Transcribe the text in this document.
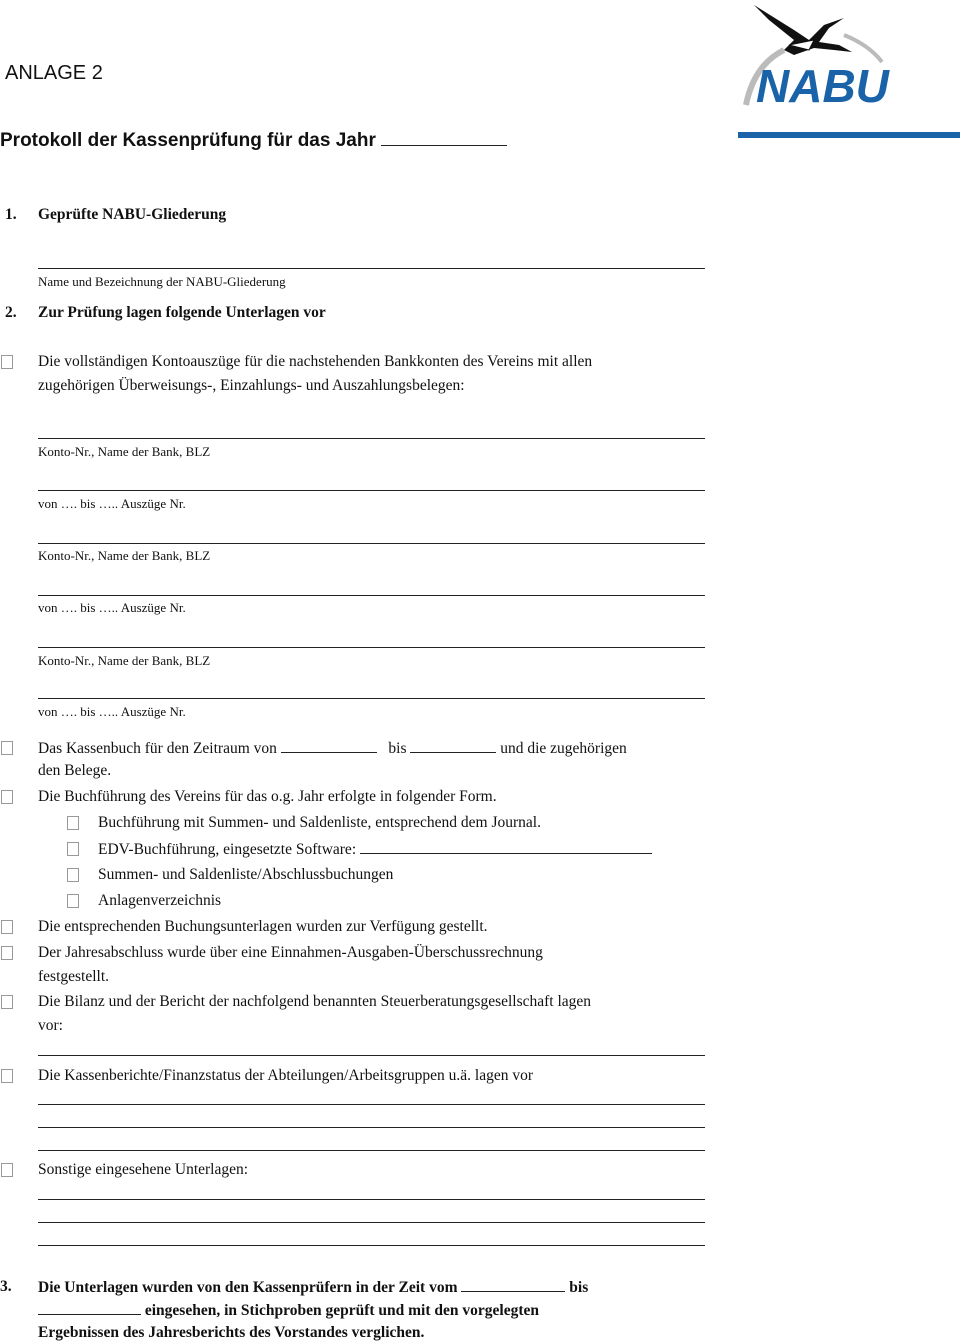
NABU
ANLAGE 2
Protokoll der Kassenprüfung für das Jahr
1. Geprüfte NABU-Gliederung
Name und Bezeichnung der NABU-Gliederung
2. Zur Prüfung lagen folgende Unterlagen vor
Die vollständigen Kontoauszüge für die nachstehenden Bankkonten des Vereins mit allen
zugehörigen Überweisungs-, Einzahlungs- und Auszahlungsbelegen:
Konto-Nr., Name der Bank, BLZ
von …. bis ….. Auszüge Nr.
Konto-Nr., Name der Bank, BLZ
von …. bis ….. Auszüge Nr.
Konto-Nr., Name der Bank, BLZ
von …. bis ….. Auszüge Nr.
Das Kassenbuch für den Zeitraum von	bis	und die zugehörigen
den Belege.
Die Buchführung des Vereins für das o.g. Jahr erfolgte in folgender Form.
Buchführung mit Summen- und Saldenliste, entsprechend dem Journal.
EDV-Buchführung, eingesetzte Software:
Summen- und Saldenliste/Abschlussbuchungen
Anlagenverzeichnis
Die entsprechenden Buchungsunterlagen wurden zur Verfügung gestellt.
Der Jahresabschluss wurde über eine Einnahmen-Ausgaben-Überschussrechnung
festgestellt.
Die Bilanz und der Bericht der nachfolgend benannten Steuerberatungsgesellschaft lagen
vor:
Die Kassenberichte/Finanzstatus der Abteilungen/Arbeitsgruppen u.ä. lagen vor
Sonstige eingesehene Unterlagen:
3. Die Unterlagen wurden von den Kassenprüfern in der Zeit vom	bis
eingesehen, in Stichproben geprüft und mit den vorgelegten
Ergebnissen des Jahresberichts des Vorstandes verglichen.
